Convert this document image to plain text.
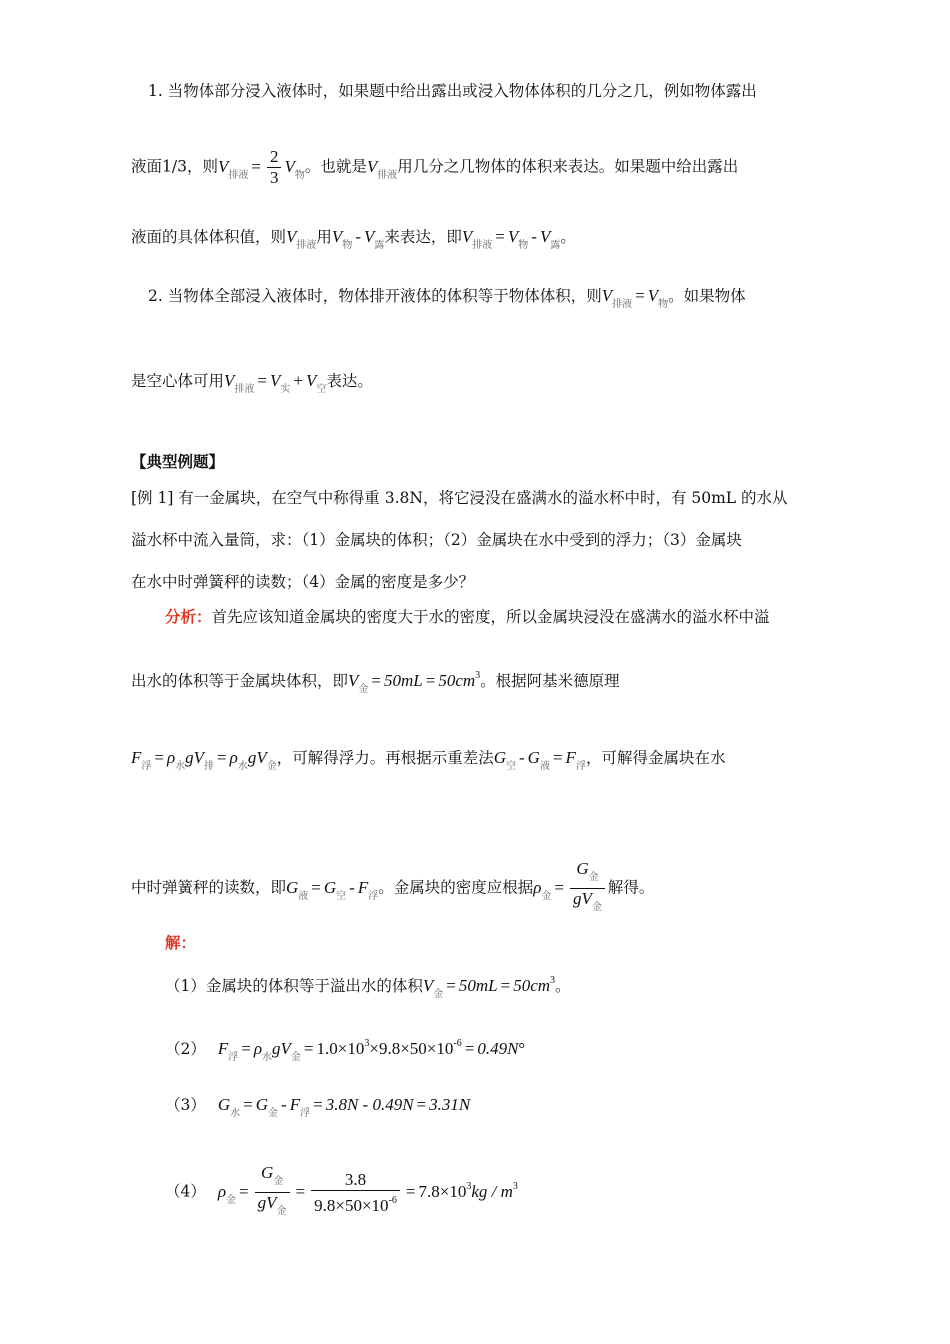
1. 当物体部分浸入液体时，如果题中给出露出或浸入物体体积的几分之几，例如物体露出
液面1/3，则$V_{排液} = \frac{2}{3} V_物$。也就是$V_{排液}$用几分之几物体的体积来表达。如果题中给出露出
液面的具体体积值，则$V_{排液}$用$V_物 - V_露$来表达，即$V_{排液} = V_物 - V_露$。
2. 当物体全部浸入液体时，物体排开液体的体积等于物体体积，则$V_{排液} = V_物$。如果物体
是空心体可用$V_{排液} = V_实 + V_空$表达。
【典型例题】
[例 1] 有一金属块，在空气中称得重 3.8N，将它浸没在盛满水的溢水杯中时，有 50mL 的水从
溢水杯中流入量筒，求：（1）金属块的体积；（2）金属块在水中受到的浮力；（3）金属块
在水中时弹簧秤的读数；（4）金属的密度是多少？
分析：首先应该知道金属块的密度大于水的密度，所以金属块浸没在盛满水的溢水杯中溢
出水的体积等于金属块体积，即$V_金 = 50mL = 50cm^3$。根据阿基米德原理
$F_浮 = \rho_水gV_排 = \rho_水gV_金$，可解得浮力。再根据示重差法$G_空 - G_液 = F_浮$，可解得金属块在水
中时弹簧秤的读数，即$G_液 = G_空 - F_浮$。金属块的密度应根据$\rho_金 = \frac{G_金}{gV_金}$ 解得。
解：
（1）金属块的体积等于溢出水的体积$V_金 = 50mL = 50cm^3$。
（2） $F_浮 = \rho_水gV_金 = 1.0\times 10^3\times 9.8\times 50\times 10^{-6} = 0.49N^\circ$
（3） $G_水 = G_金 - F_浮 = 3.8N - 0.49N = 3.31N$
（4） $\rho_金 = \frac{G_金}{gV_金} = \frac{3.8}{9.8\times 50\times 10^{-6}} = 7.8\times 10^3kg / m^3$
